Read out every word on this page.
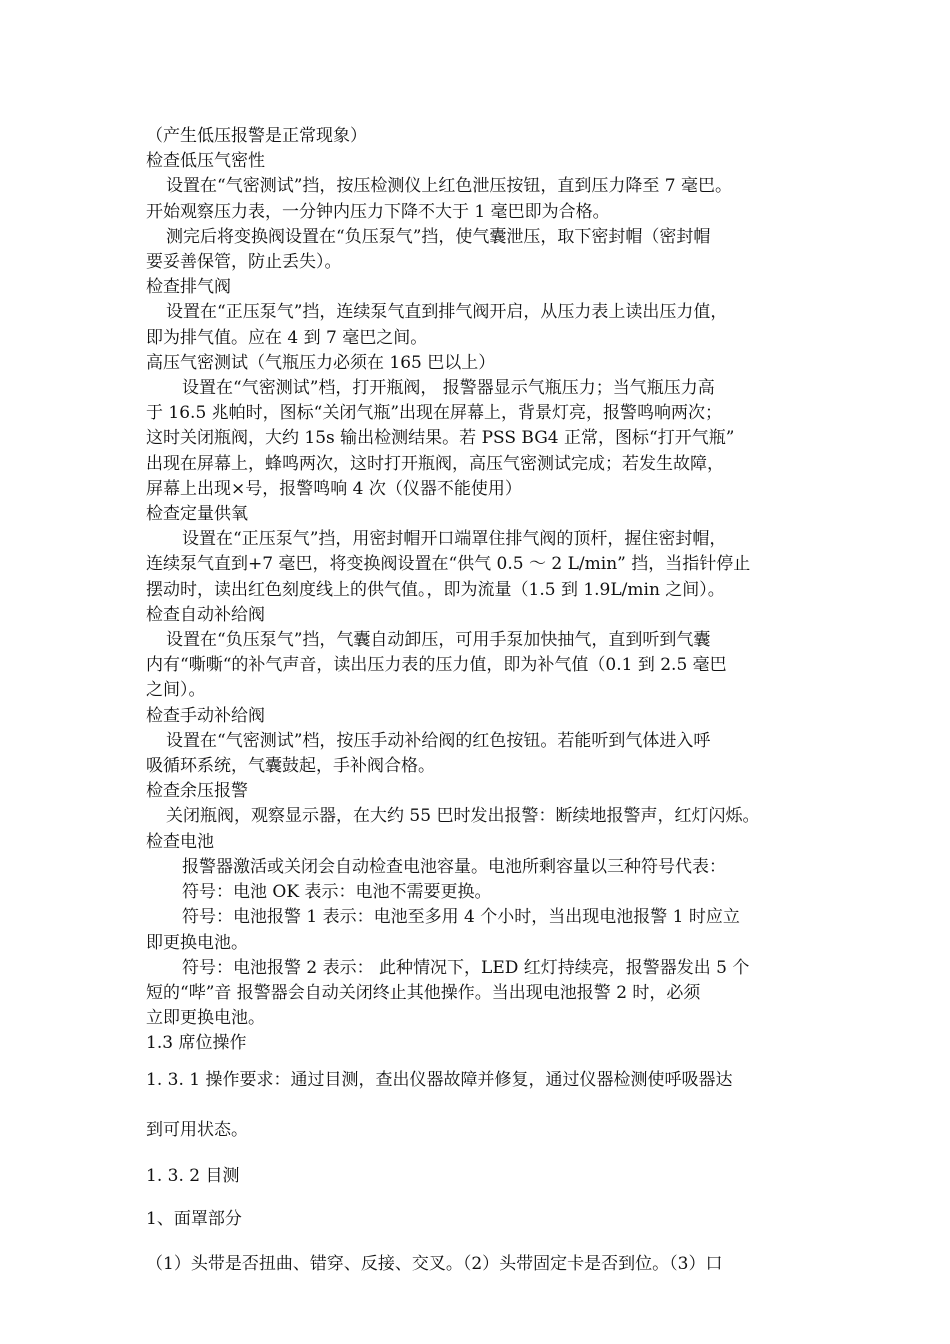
（产生低压报警是正常现象）
检查低压气密性
设置在“气密测试”挡，按压检测仪上红色泄压按钮，直到压力降至 7 毫巴。
开始观察压力表，一分钟内压力下降不大于 1 毫巴即为合格。
测完后将变换阀设置在“负压泵气”挡，使气囊泄压，取下密封帽（密封帽
要妥善保管，防止丢失）。
检查排气阀
设置在“正压泵气”挡，连续泵气直到排气阀开启，从压力表上读出压力值，
即为排气值。应在 4 到 7 毫巴之间。
高压气密测试（气瓶压力必须在 165 巴以上）
设置在“气密测试”档，打开瓶阀， 报警器显示气瓶压力；当气瓶压力高
于 16.5 兆帕时，图标“关闭气瓶”出现在屏幕上，背景灯亮，报警鸣响两次；
这时关闭瓶阀，大约 15s 输出检测结果。若 PSS BG4 正常，图标“打开气瓶”
出现在屏幕上，蜂鸣两次，这时打开瓶阀，高压气密测试完成；若发生故障，
屏幕上出现×号，报警鸣响 4 次（仪器不能使用）
检查定量供氧
设置在“正压泵气”挡，用密封帽开口端罩住排气阀的顶杆，握住密封帽，
连续泵气直到+7 毫巴，将变换阀设置在“供气 0.5 ～ 2 L/min” 挡，当指针停止
摆动时，读出红色刻度线上的供气值。，即为流量（1.5 到 1.9L/min 之间）。
检查自动补给阀
设置在“负压泵气”挡，气囊自动卸压，可用手泵加快抽气，直到听到气囊
内有“嘶嘶“的补气声音，读出压力表的压力值，即为补气值（0.1 到 2.5 毫巴
之间）。
检查手动补给阀
设置在“气密测试”档，按压手动补给阀的红色按钮。若能听到气体进入呼
吸循环系统，气囊鼓起，手补阀合格。
检查余压报警
关闭瓶阀，观察显示器，在大约 55 巴时发出报警：断续地报警声，红灯闪烁。
检查电池
报警器激活或关闭会自动检查电池容量。电池所剩容量以三种符号代表：
符号：电池 OK 表示：电池不需要更换。
符号：电池报警 1 表示：电池至多用 4 个小时，当出现电池报警 1 时应立
即更换电池。
符号：电池报警 2 表示： 此种情况下，LED 红灯持续亮，报警器发出 5 个
短的“哔”音 报警器会自动关闭终止其他操作。当出现电池报警 2 时，必须
立即更换电池。
1.3 席位操作
1. 3. 1 操作要求：通过目测，查出仪器故障并修复，通过仪器检测使呼吸器达
到可用状态。
1. 3. 2 目测
1、面罩部分
（1）头带是否扭曲、错穿、反接、交叉。（2）头带固定卡是否到位。（3）口
